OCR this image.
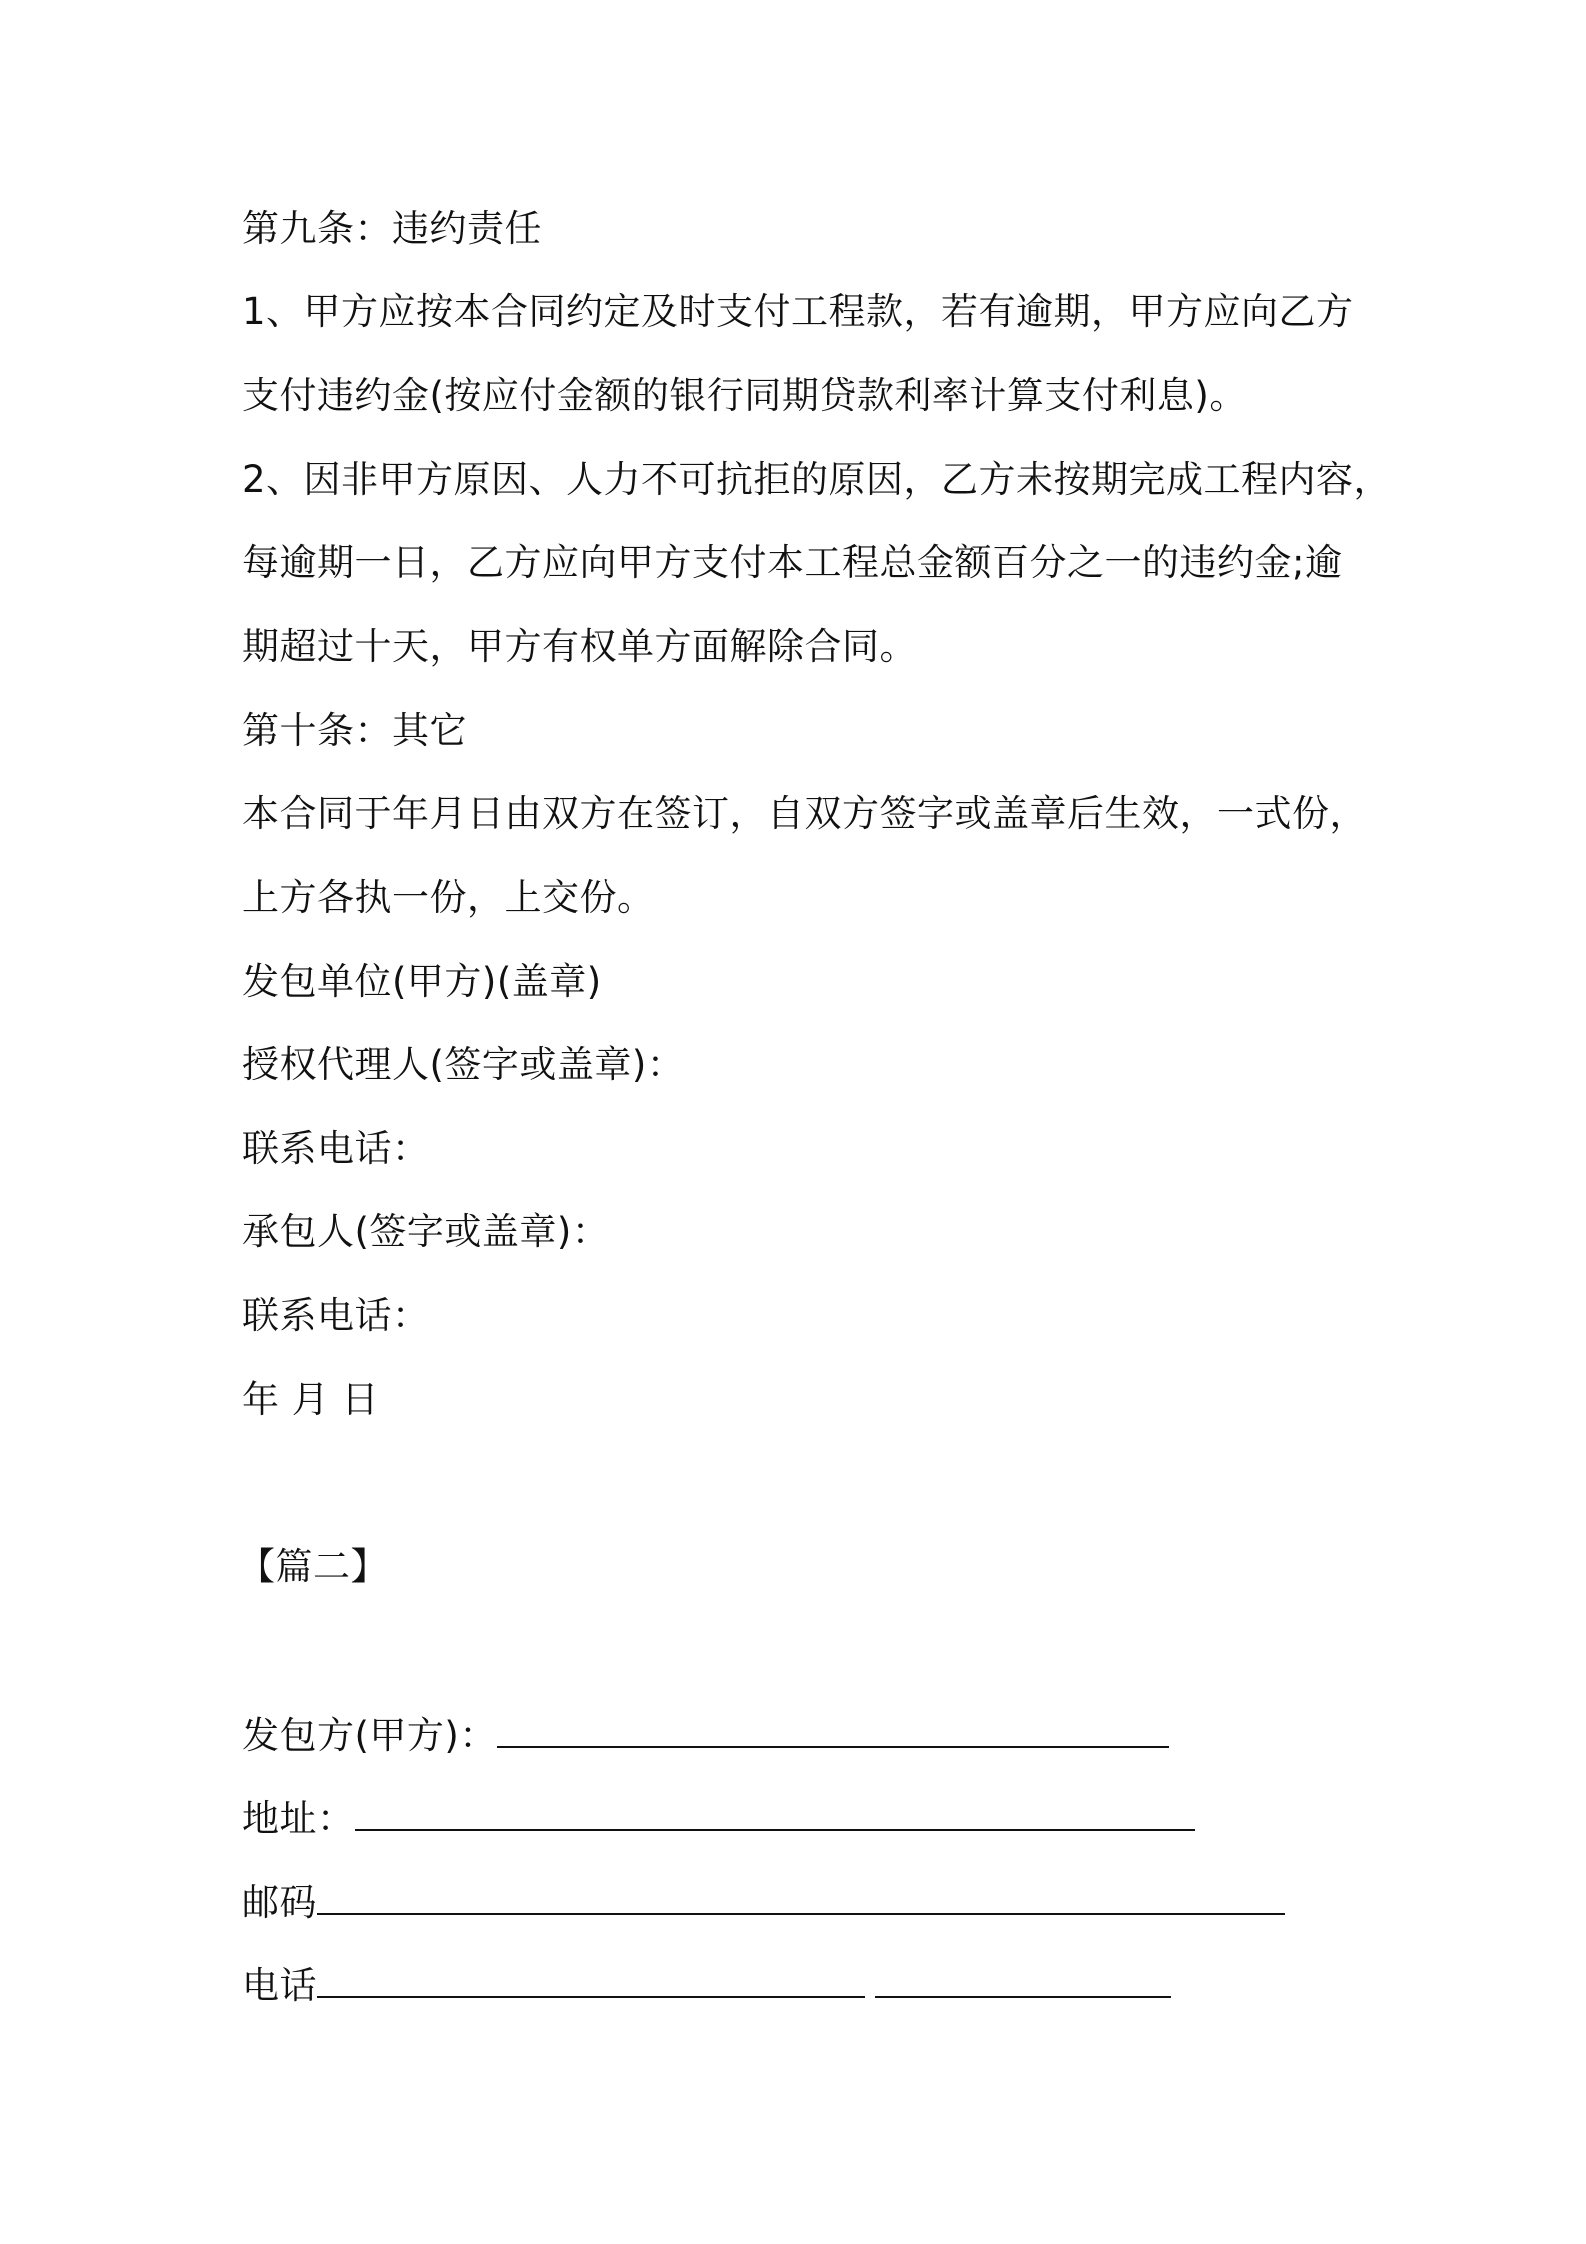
第九条：违约责任

1、甲方应按本合同约定及时支付工程款，若有逾期，甲方应向乙方

支付违约金(按应付金额的银行同期贷款利率计算支付利息)。

2、因非甲方原因、人力不可抗拒的原因，乙方未按期完成工程内容，

每逾期一日，乙方应向甲方支付本工程总金额百分之一的违约金;逾

期超过十天，甲方有权单方面解除合同。

第十条：其它

本合同于年月日由双方在签订，自双方签字或盖章后生效，一式份，

上方各执一份，上交份。

发包单位(甲方)(盖章)

授权代理人(签字或盖章)：

联系电话：

承包人(签字或盖章)：

联系电话：

年 月 日

【篇二】

发包方(甲方)：

地址：

邮码

电话
